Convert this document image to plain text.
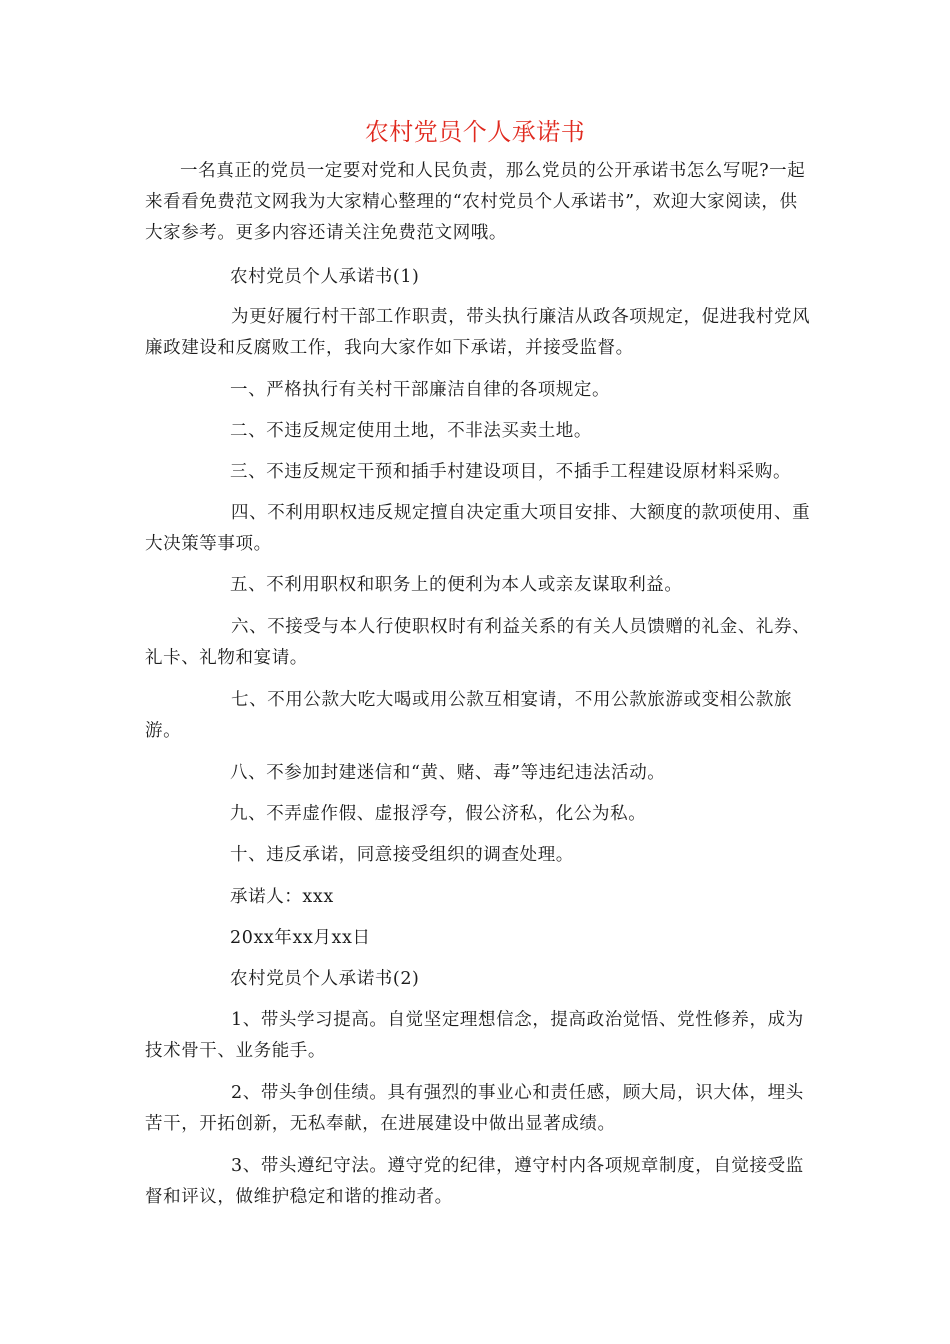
农村党员个人承诺书

一名真正的党员一定要对党和人民负责，那么党员的公开承诺书怎么写呢?一起来看看免费范文网我为大家精心整理的“农村党员个人承诺书”，欢迎大家阅读，供大家参考。更多内容还请关注免费范文网哦。

农村党员个人承诺书(1)

为更好履行村干部工作职责，带头执行廉洁从政各项规定，促进我村党风廉政建设和反腐败工作，我向大家作如下承诺，并接受监督。

一、严格执行有关村干部廉洁自律的各项规定。
二、不违反规定使用土地，不非法买卖土地。
三、不违反规定干预和插手村建设项目，不插手工程建设原材料采购。

四、不利用职权违反规定擅自决定重大项目安排、大额度的款项使用、重大决策等事项。

五、不利用职权和职务上的便利为本人或亲友谋取利益。

六、不接受与本人行使职权时有利益关系的有关人员馈赠的礼金、礼券、礼卡、礼物和宴请。

七、不用公款大吃大喝或用公款互相宴请，不用公款旅游或变相公款旅游。

八、不参加封建迷信和“黄、赌、毒”等违纪违法活动。
九、不弄虚作假、虚报浮夸，假公济私，化公为私。
十、违反承诺，同意接受组织的调查处理。
承诺人：xxx
20xx年xx月xx日
农村党员个人承诺书(2)

1、带头学习提高。自觉坚定理想信念，提高政治觉悟、党性修养，成为技术骨干、业务能手。

2、带头争创佳绩。具有强烈的事业心和责任感，顾大局，识大体，埋头苦干，开拓创新，无私奉献，在进展建设中做出显著成绩。

3、带头遵纪守法。遵守党的纪律，遵守村内各项规章制度，自觉接受监督和评议，做维护稳定和谐的推动者。
